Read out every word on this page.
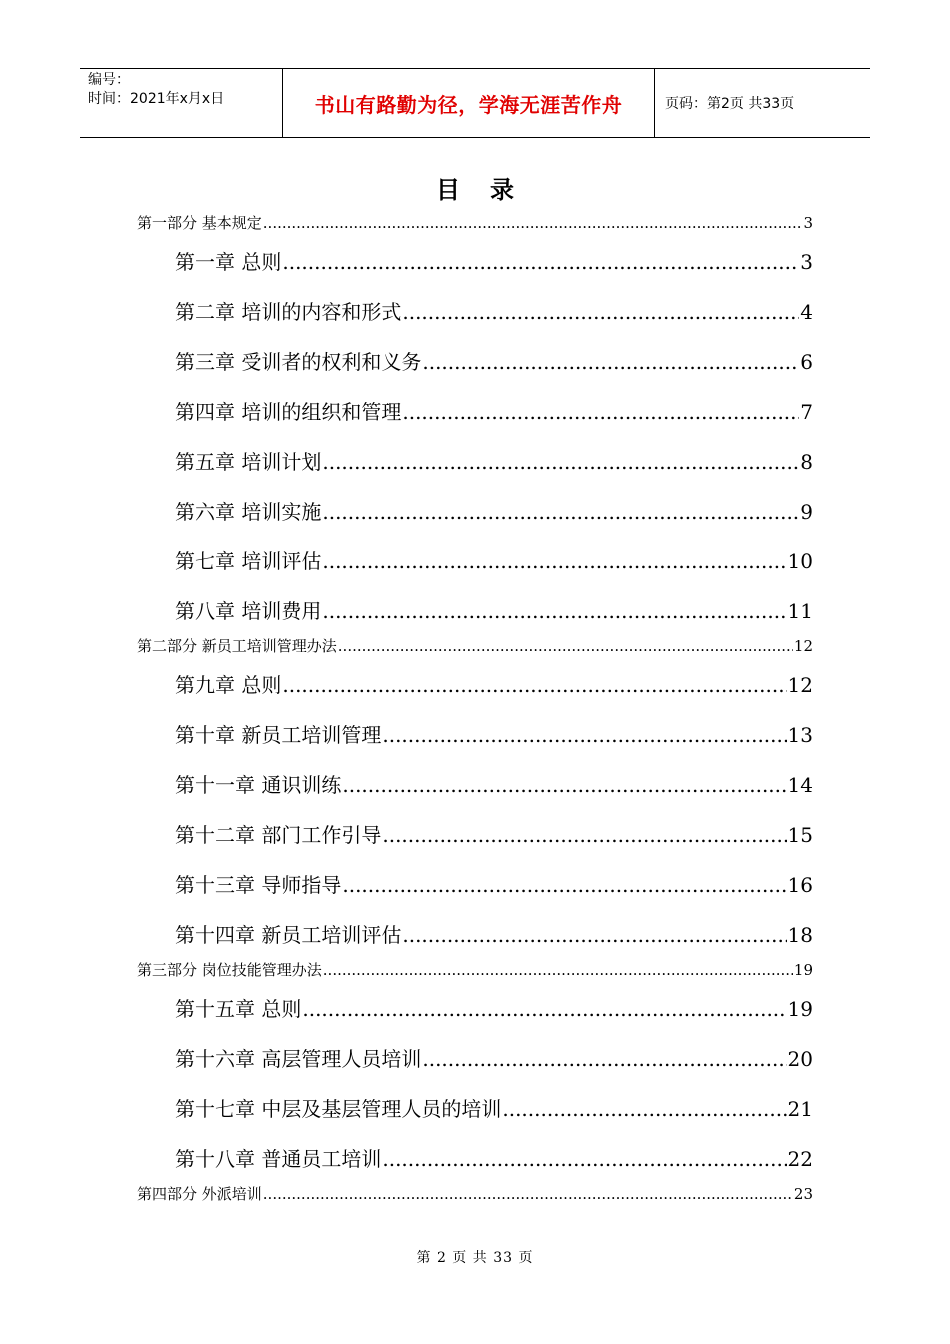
编号：
时间：2021年x月x日	书山有路勤为径，学海无涯苦作舟	页码：第2页 共33页
目录
第一部分 基本规定 .....	3
第一章 总则 .....	3
第二章 培训的内容和形式 .....	4
第三章 受训者的权利和义务 .....	6
第四章 培训的组织和管理 .....	7
第五章 培训计划 .....	8
第六章 培训实施 .....	9
第七章 培训评估 .....	10
第八章 培训费用 .....	11
第二部分 新员工培训管理办法 .....	12
第九章 总则 .....	12
第十章 新员工培训管理 .....	13
第十一章 通识训练 .....	14
第十二章 部门工作引导 .....	15
第十三章 导师指导 .....	16
第十四章 新员工培训评估 .....	18
第三部分 岗位技能管理办法 .....	19
第十五章 总则 .....	19
第十六章 高层管理人员培训 .....	20
第十七章 中层及基层管理人员的培训 .....	21
第十八章 普通员工培训 .....	22
第四部分 外派培训 .....	23
第 2 页 共 33 页
